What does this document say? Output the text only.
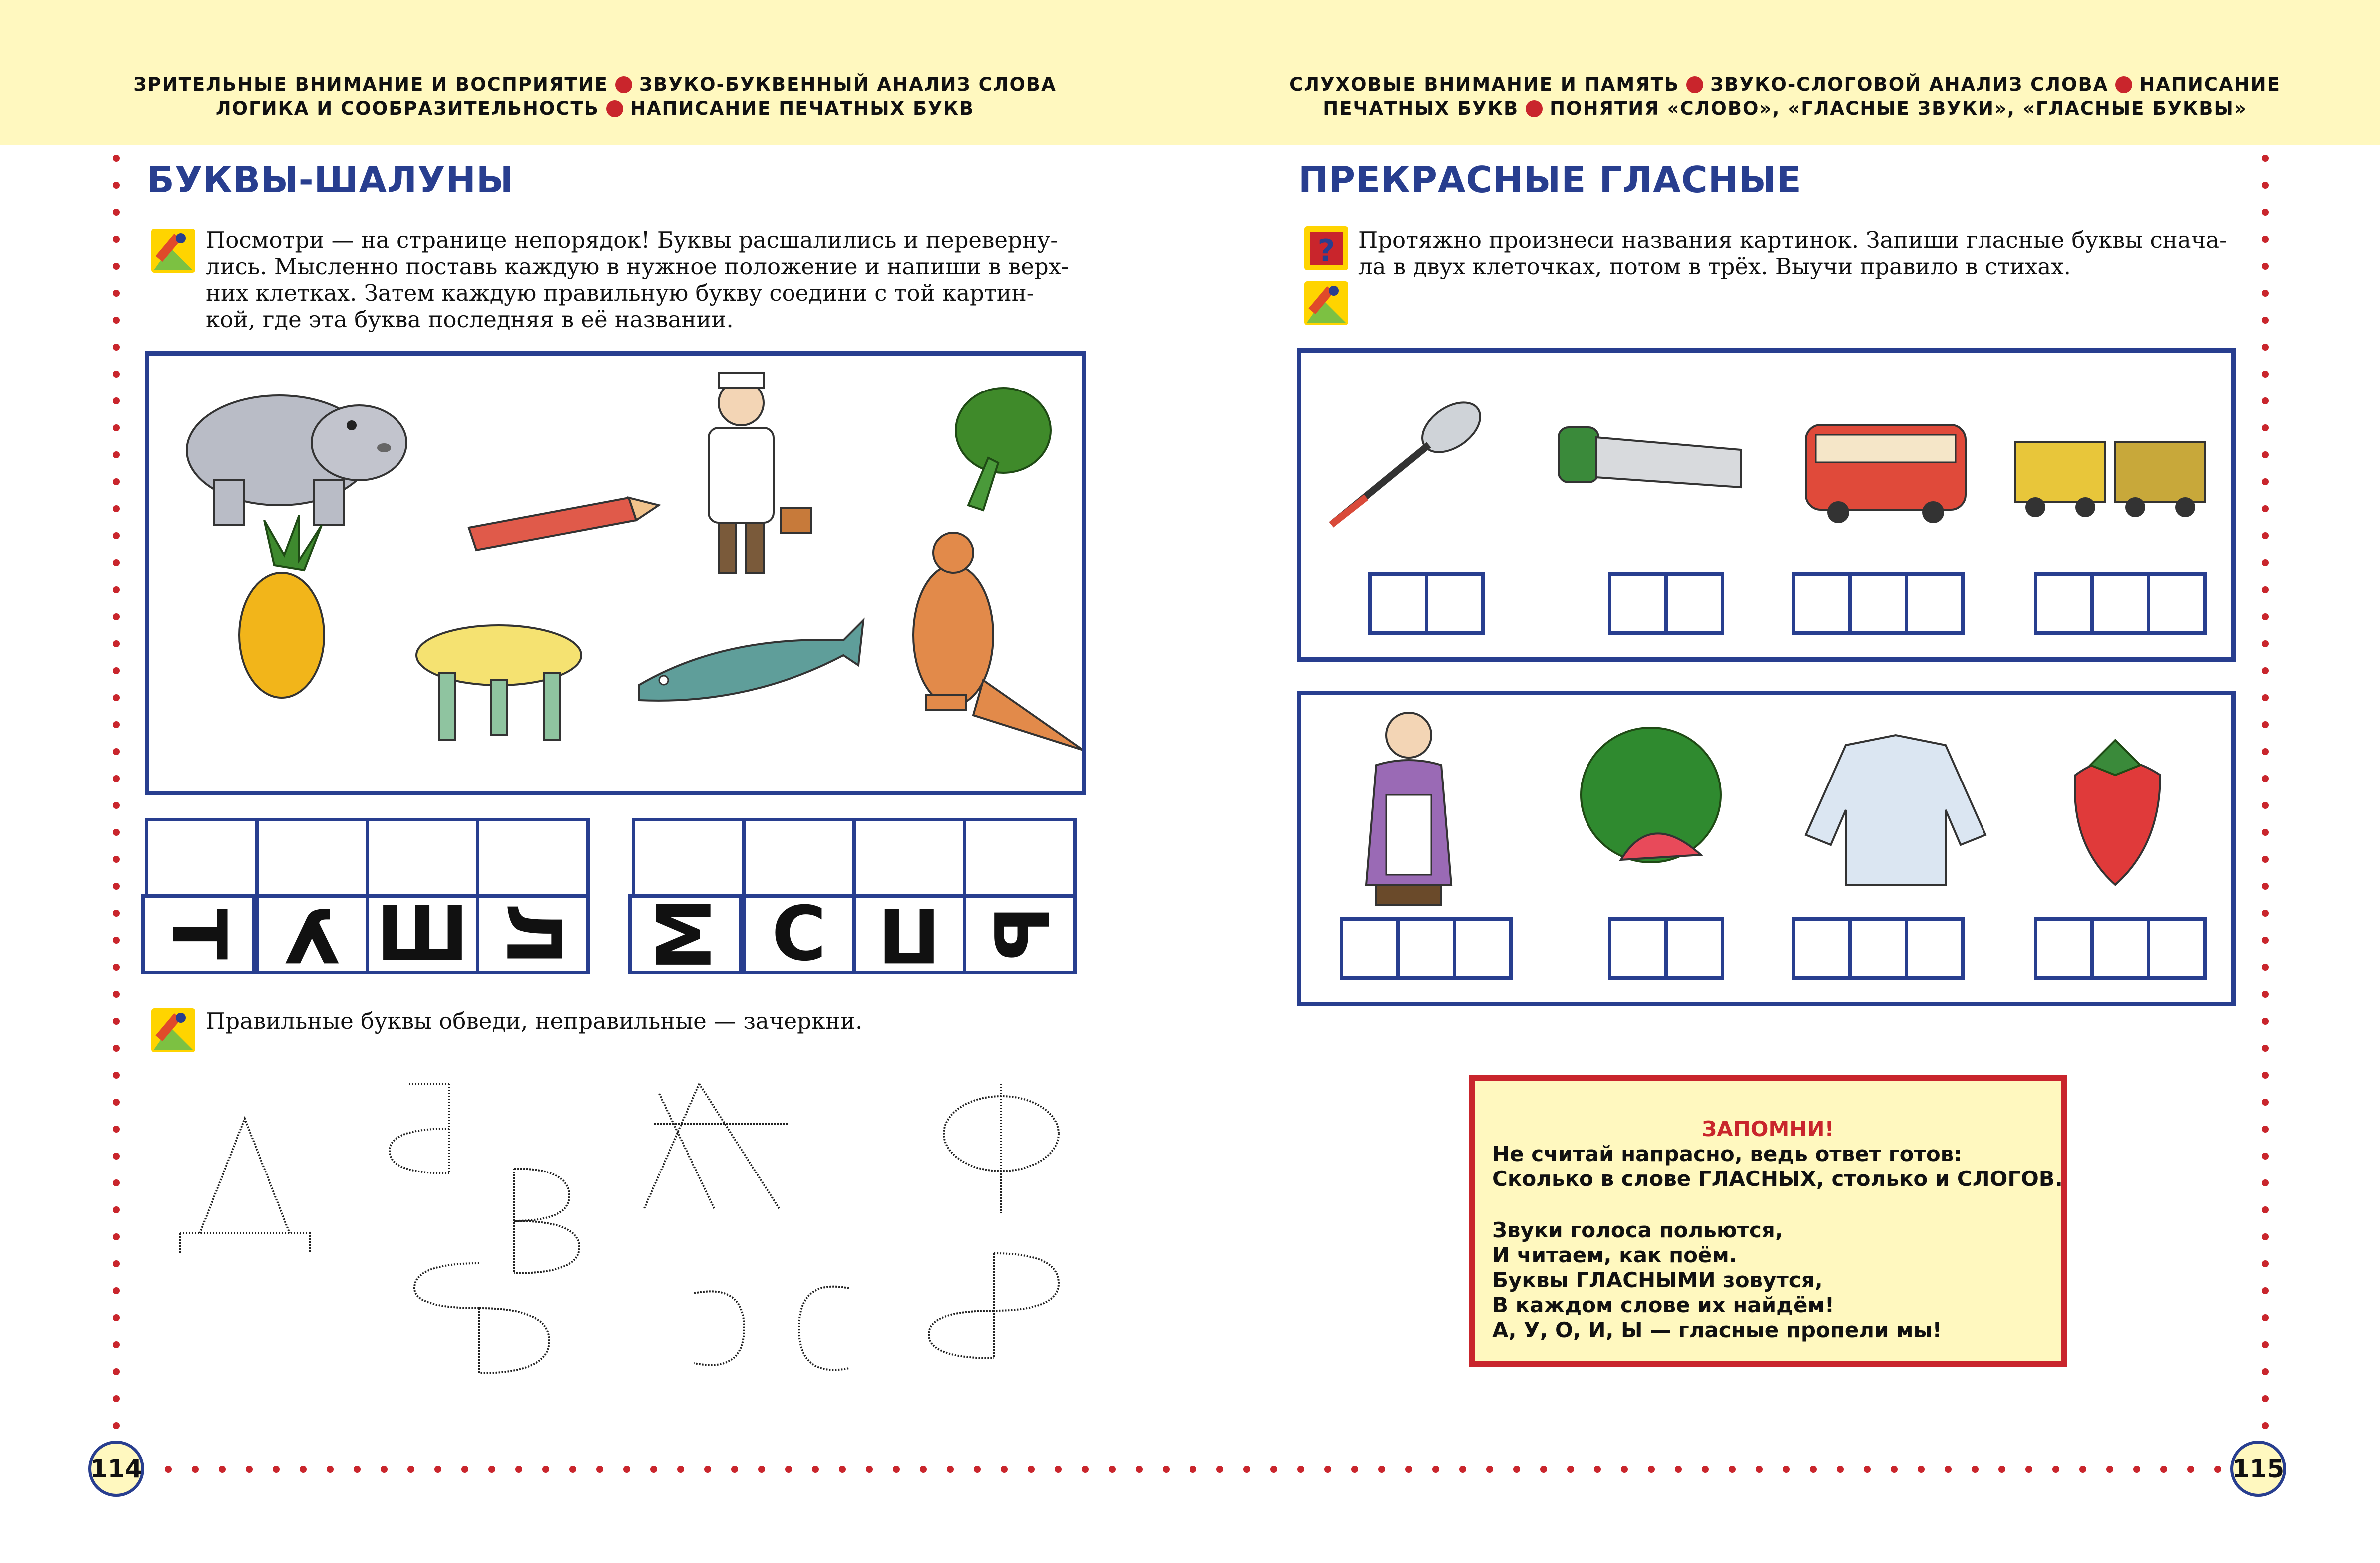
ЗРИТЕЛЬНЫЕ ВНИМАНИЕ И ВОСПРИЯТИЕ ЗВУКО-БУКВЕННЫЙ АНАЛИЗ СЛОВА
ЛОГИКА И СООБРАЗИТЕЛЬНОСТЬ НАПИСАНИЕ ПЕЧАТНЫХ БУКВ
СЛУХОВЫЕ ВНИМАНИЕ И ПАМЯТЬ ЗВУКО-СЛОГОВОЙ АНАЛИЗ СЛОВА НАПИСАНИЕ
ПЕЧАТНЫХ БУКВ ПОНЯТИЯ «СЛОВО», «ГЛАСНЫЕ ЗВУКИ», «ГЛАСНЫЕ БУКВЫ»
БУКВЫ-ШАЛУНЫ
Посмотри — на странице непорядок! Буквы расшалились и переверну-
лись. Мысленно поставь каждую в нужное положение и напиши в верх-
них клетках. Затем каждую правильную букву соедини с той картин-
кой, где эта буква последняя в её названии.
Т У Ш Л М С П Ь
Правильные буквы обведи, неправильные — зачеркни.
114
ПРЕКРАСНЫЕ ГЛАСНЫЕ
? Протяжно произнеси названия картинок. Запиши гласные буквы снача-
ла в двух клеточках, потом в трёх. Выучи правило в стихах.
ЗАПОМНИ!
Не считай напрасно, ведь ответ готов:
Сколько в слове ГЛАСНЫХ, столько и СЛОГОВ.
Звуки голоса польются,
И читаем, как поём.
Буквы ГЛАСНЫМИ зовутся,
В каждом слове их найдём!
А, У, О, И, Ы — гласные пропели мы!
115
